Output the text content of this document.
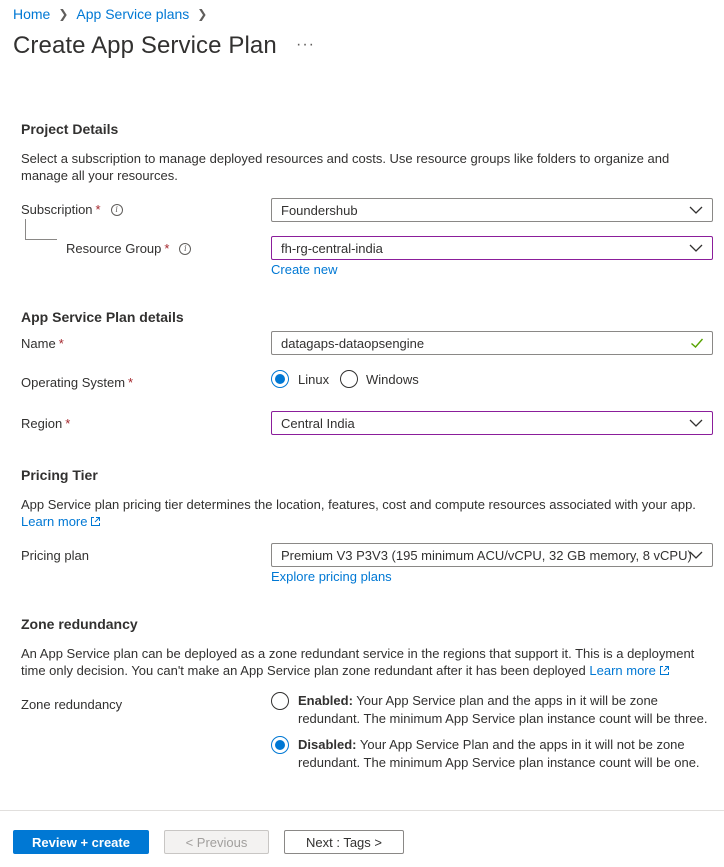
Home ❯ App Service plans ❯
Create App Service Plan ···
Project Details
Select a subscription to manage deployed resources and costs. Use resource groups like folders to organize and manage all your resources.
Subscription *	i	Foundershub
Resource Group *	i	fh-rg-central-india
Create new
App Service Plan details
Name *	datagaps-dataopsengine
Operating System *	Linux	Windows
Region *	Central India
Pricing Tier
App Service plan pricing tier determines the location, features, cost and compute resources associated with your app. Learn more
Pricing plan	Premium V3 P3V3 (195 minimum ACU/vCPU, 32 GB memory, 8 vCPU)
Explore pricing plans
Zone redundancy
An App Service plan can be deployed as a zone redundant service in the regions that support it. This is a deployment time only decision. You can't make an App Service plan zone redundant after it has been deployed Learn more
Zone redundancy	Enabled: Your App Service plan and the apps in it will be zone redundant. The minimum App Service plan instance count will be three.
Disabled: Your App Service Plan and the apps in it will not be zone redundant. The minimum App Service plan instance count will be one.
Review + create	< Previous	Next : Tags >
